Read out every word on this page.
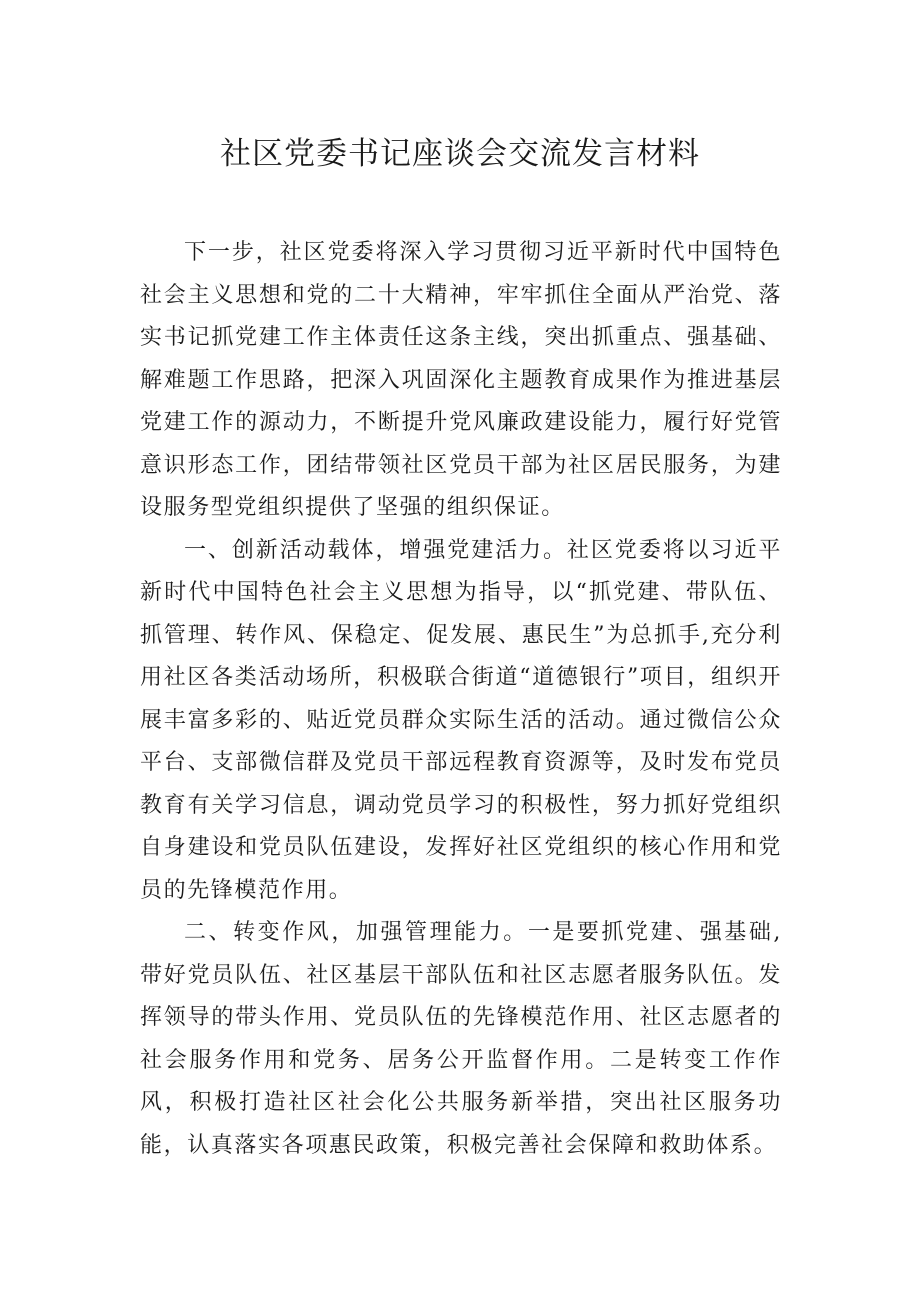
社区党委书记座谈会交流发言材料

下一步，社区党委将深入学习贯彻习近平新时代中国特色社会主义思想和党的二十大精神，牢牢抓住全面从严治党、落实书记抓党建工作主体责任这条主线，突出抓重点、强基础、解难题工作思路，把深入巩固深化主题教育成果作为推进基层党建工作的源动力，不断提升党风廉政建设能力，履行好党管意识形态工作，团结带领社区党员干部为社区居民服务，为建设服务型党组织提供了坚强的组织保证。

一、创新活动载体，增强党建活力。社区党委将以习近平新时代中国特色社会主义思想为指导，以“抓党建、带队伍、抓管理、转作风、保稳定、促发展、惠民生”为总抓手,充分利用社区各类活动场所，积极联合街道“道德银行”项目，组织开展丰富多彩的、贴近党员群众实际生活的活动。通过微信公众平台、支部微信群及党员干部远程教育资源等，及时发布党员教育有关学习信息，调动党员学习的积极性，努力抓好党组织自身建设和党员队伍建设，发挥好社区党组织的核心作用和党员的先锋模范作用。

二、转变作风，加强管理能力。一是要抓党建、强基础,带好党员队伍、社区基层干部队伍和社区志愿者服务队伍。发挥领导的带头作用、党员队伍的先锋模范作用、社区志愿者的社会服务作用和党务、居务公开监督作用。二是转变工作作风，积极打造社区社会化公共服务新举措，突出社区服务功能，认真落实各项惠民政策，积极完善社会保障和救助体系。
